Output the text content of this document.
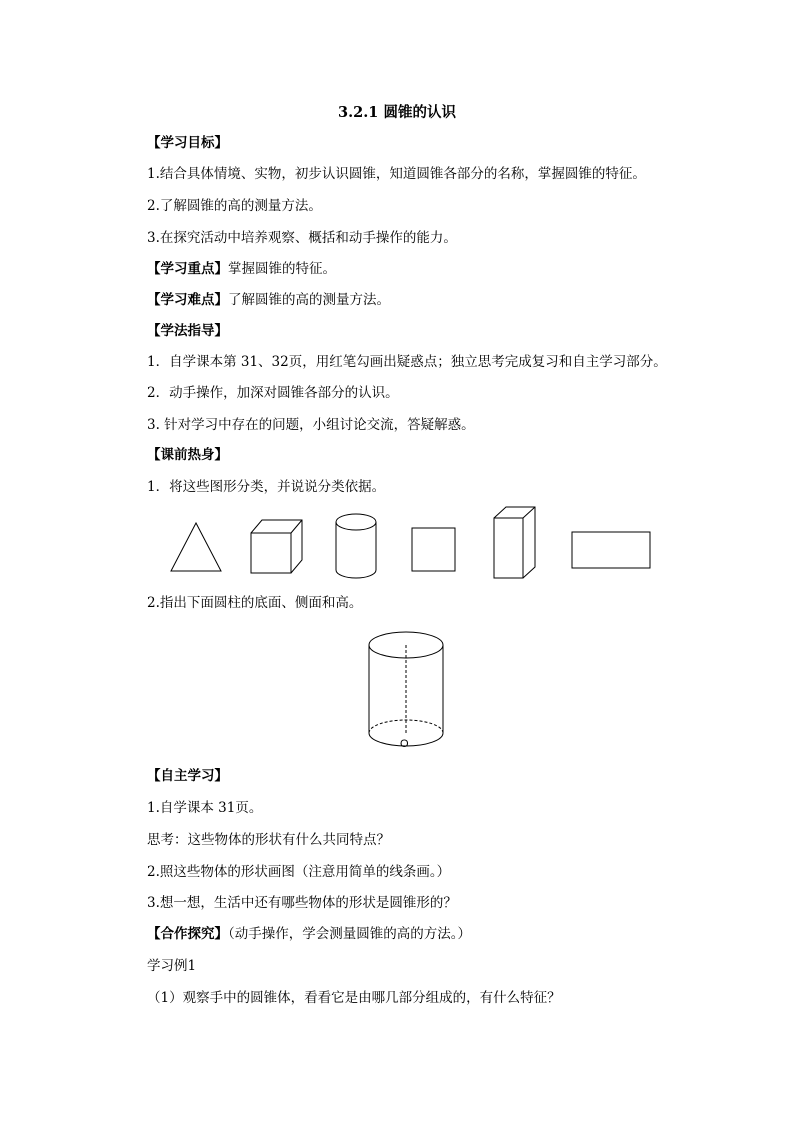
3.2.1 圆锥的认识
【学习目标】
1.结合具体情境、实物，初步认识圆锥，知道圆锥各部分的名称，掌握圆锥的特征。
2.了解圆锥的高的测量方法。
3.在探究活动中培养观察、概括和动手操作的能力。
【学习重点】掌握圆锥的特征。
【学习难点】了解圆锥的高的测量方法。
【学法指导】
1．自学课本第 31、32页，用红笔勾画出疑惑点；独立思考完成复习和自主学习部分。
2．动手操作，加深对圆锥各部分的认识。
3. 针对学习中存在的问题，小组讨论交流，答疑解惑。
【课前热身】
1．将这些图形分类，并说说分类依据。
O
2.指出下面圆柱的底面、侧面和高。
【自主学习】
1.自学课本 31页。
思考：这些物体的形状有什么共同特点？
2.照这些物体的形状画图（注意用简单的线条画。）
3.想一想，生活中还有哪些物体的形状是圆锥形的？
【合作探究】（动手操作，学会测量圆锥的高的方法。）
学习例1
（1）观察手中的圆锥体，看看它是由哪几部分组成的，有什么特征？
